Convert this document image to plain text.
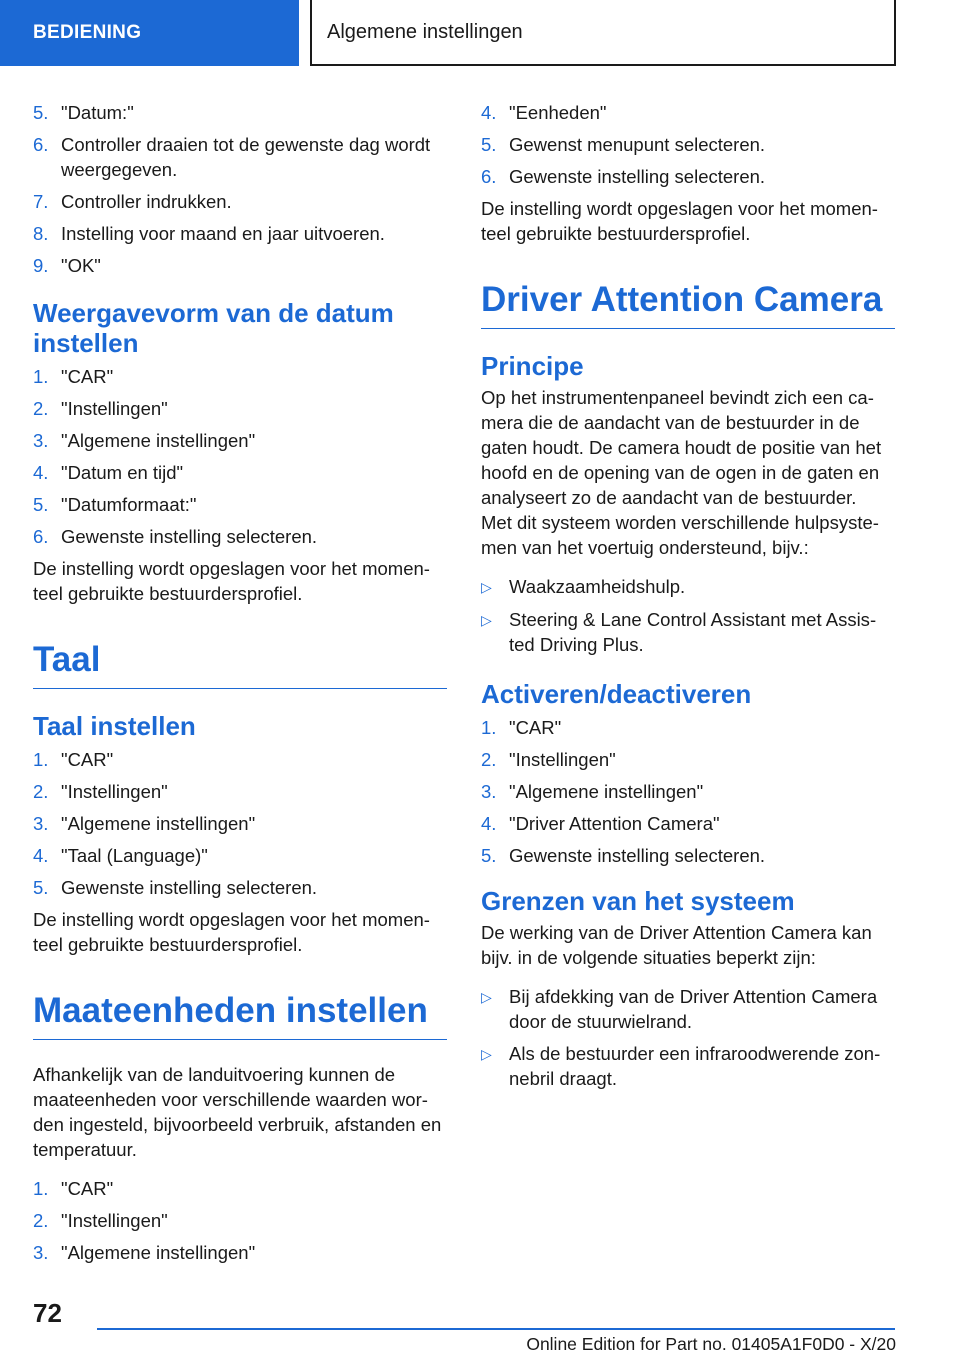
BEDIENING	Algemene instellingen
5. "Datum:"
6. Controller draaien tot de gewenste dag wordt weergegeven.
7. Controller indrukken.
8. Instelling voor maand en jaar uitvoeren.
9. "OK"
Weergavevorm van de datum instellen
1. "CAR"
2. "Instellingen"
3. "Algemene instellingen"
4. "Datum en tijd"
5. "Datumformaat:"
6. Gewenste instelling selecteren.
De instelling wordt opgeslagen voor het momenteel gebruikte bestuurdersprofiel.
Taal
Taal instellen
1. "CAR"
2. "Instellingen"
3. "Algemene instellingen"
4. "Taal (Language)"
5. Gewenste instelling selecteren.
De instelling wordt opgeslagen voor het momenteel gebruikte bestuurdersprofiel.
Maateenheden instellen
Afhankelijk van de landuitvoering kunnen de maateenheden voor verschillende waarden worden ingesteld, bijvoorbeeld verbruik, afstanden en temperatuur.
1. "CAR"
2. "Instellingen"
3. "Algemene instellingen"
4. "Eenheden"
5. Gewenst menupunt selecteren.
6. Gewenste instelling selecteren.
De instelling wordt opgeslagen voor het momenteel gebruikte bestuurdersprofiel.
Driver Attention Camera
Principe
Op het instrumentenpaneel bevindt zich een camera die de aandacht van de bestuurder in de gaten houdt. De camera houdt de positie van het hoofd en de opening van de ogen in de gaten en analyseert zo de aandacht van de bestuurder.
Met dit systeem worden verschillende hulpsystemen van het voertuig ondersteund, bijv.:
▷ Waakzaamheidshulp.
▷ Steering & Lane Control Assistant met Assisted Driving Plus.
Activeren/deactiveren
1. "CAR"
2. "Instellingen"
3. "Algemene instellingen"
4. "Driver Attention Camera"
5. Gewenste instelling selecteren.
Grenzen van het systeem
De werking van de Driver Attention Camera kan bijv. in de volgende situaties beperkt zijn:
▷ Bij afdekking van de Driver Attention Camera door de stuurwielrand.
▷ Als de bestuurder een infraroodwerende zonnebril draagt.
72
Online Edition for Part no. 01405A1F0D0 - X/20
